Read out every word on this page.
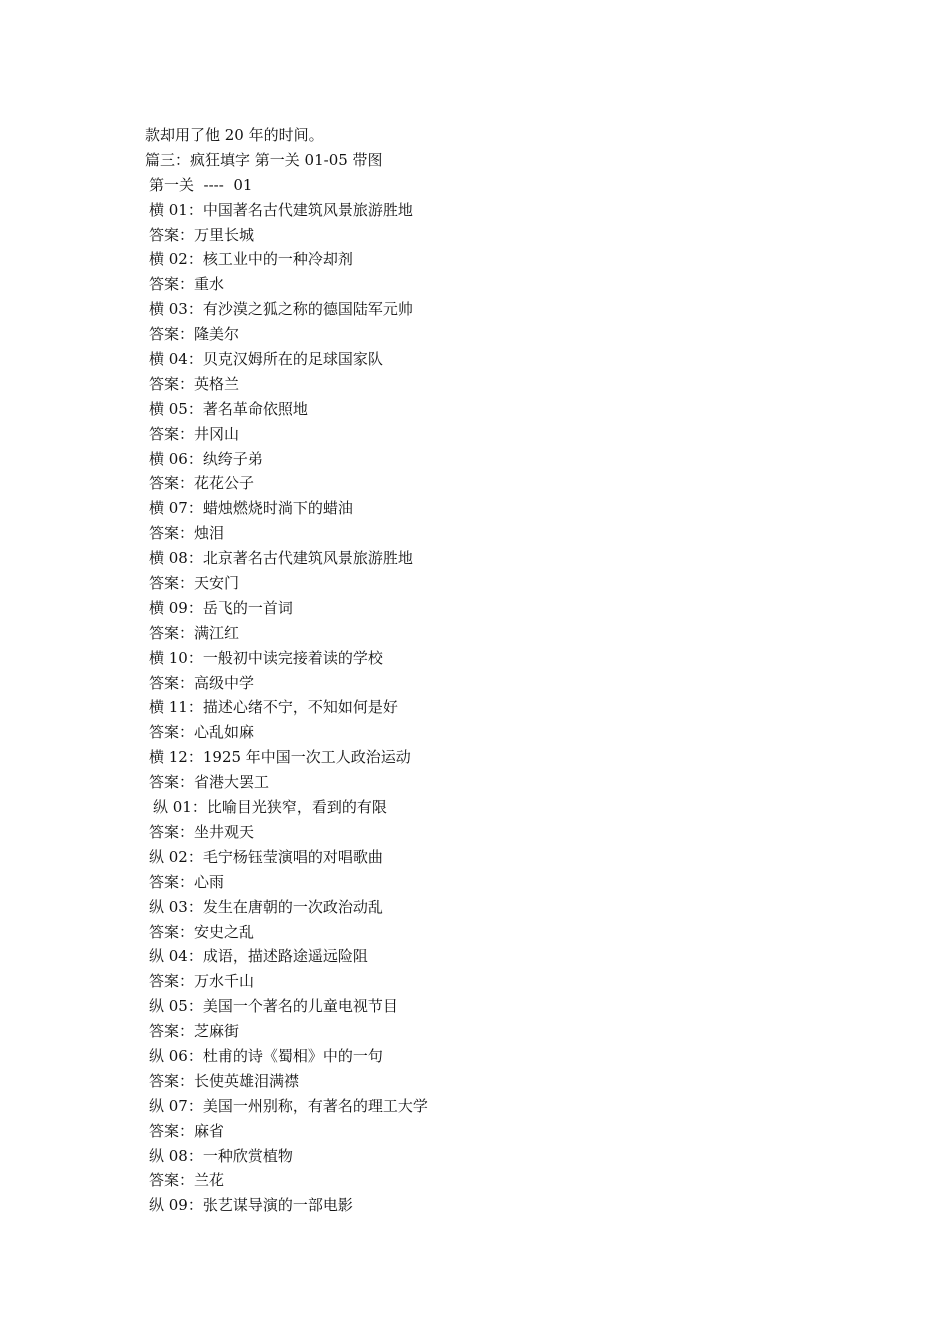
款却用了他 20 年的时间。
篇三：疯狂填字 第一关 01-05 带图
第一关  ----  01
横 01：中国著名古代建筑风景旅游胜地
答案：万里长城
横 02：核工业中的一种冷却剂
答案：重水
横 03：有沙漠之狐之称的德国陆军元帅
答案：隆美尔
横 04：贝克汉姆所在的足球国家队
答案：英格兰
横 05：著名革命依照地
答案：井冈山
横 06：纨绔子弟
答案：花花公子
横 07：蜡烛燃烧时淌下的蜡油
答案：烛泪
横 08：北京著名古代建筑风景旅游胜地
答案：天安门
横 09：岳飞的一首词
答案：满江红
横 10：一般初中读完接着读的学校
答案：高级中学
横 11：描述心绪不宁，不知如何是好
答案：心乱如麻
横 12：1925 年中国一次工人政治运动
答案：省港大罢工
纵 01：比喻目光狭窄，看到的有限
答案：坐井观天
纵 02：毛宁杨钰莹演唱的对唱歌曲
答案：心雨
纵 03：发生在唐朝的一次政治动乱
答案：安史之乱
纵 04：成语，描述路途遥远险阻
答案：万水千山
纵 05：美国一个著名的儿童电视节目
答案：芝麻街
纵 06：杜甫的诗《蜀相》中的一句
答案：长使英雄泪满襟
纵 07：美国一州别称，有著名的理工大学
答案：麻省
纵 08：一种欣赏植物
答案：兰花
纵 09：张艺谋导演的一部电影
